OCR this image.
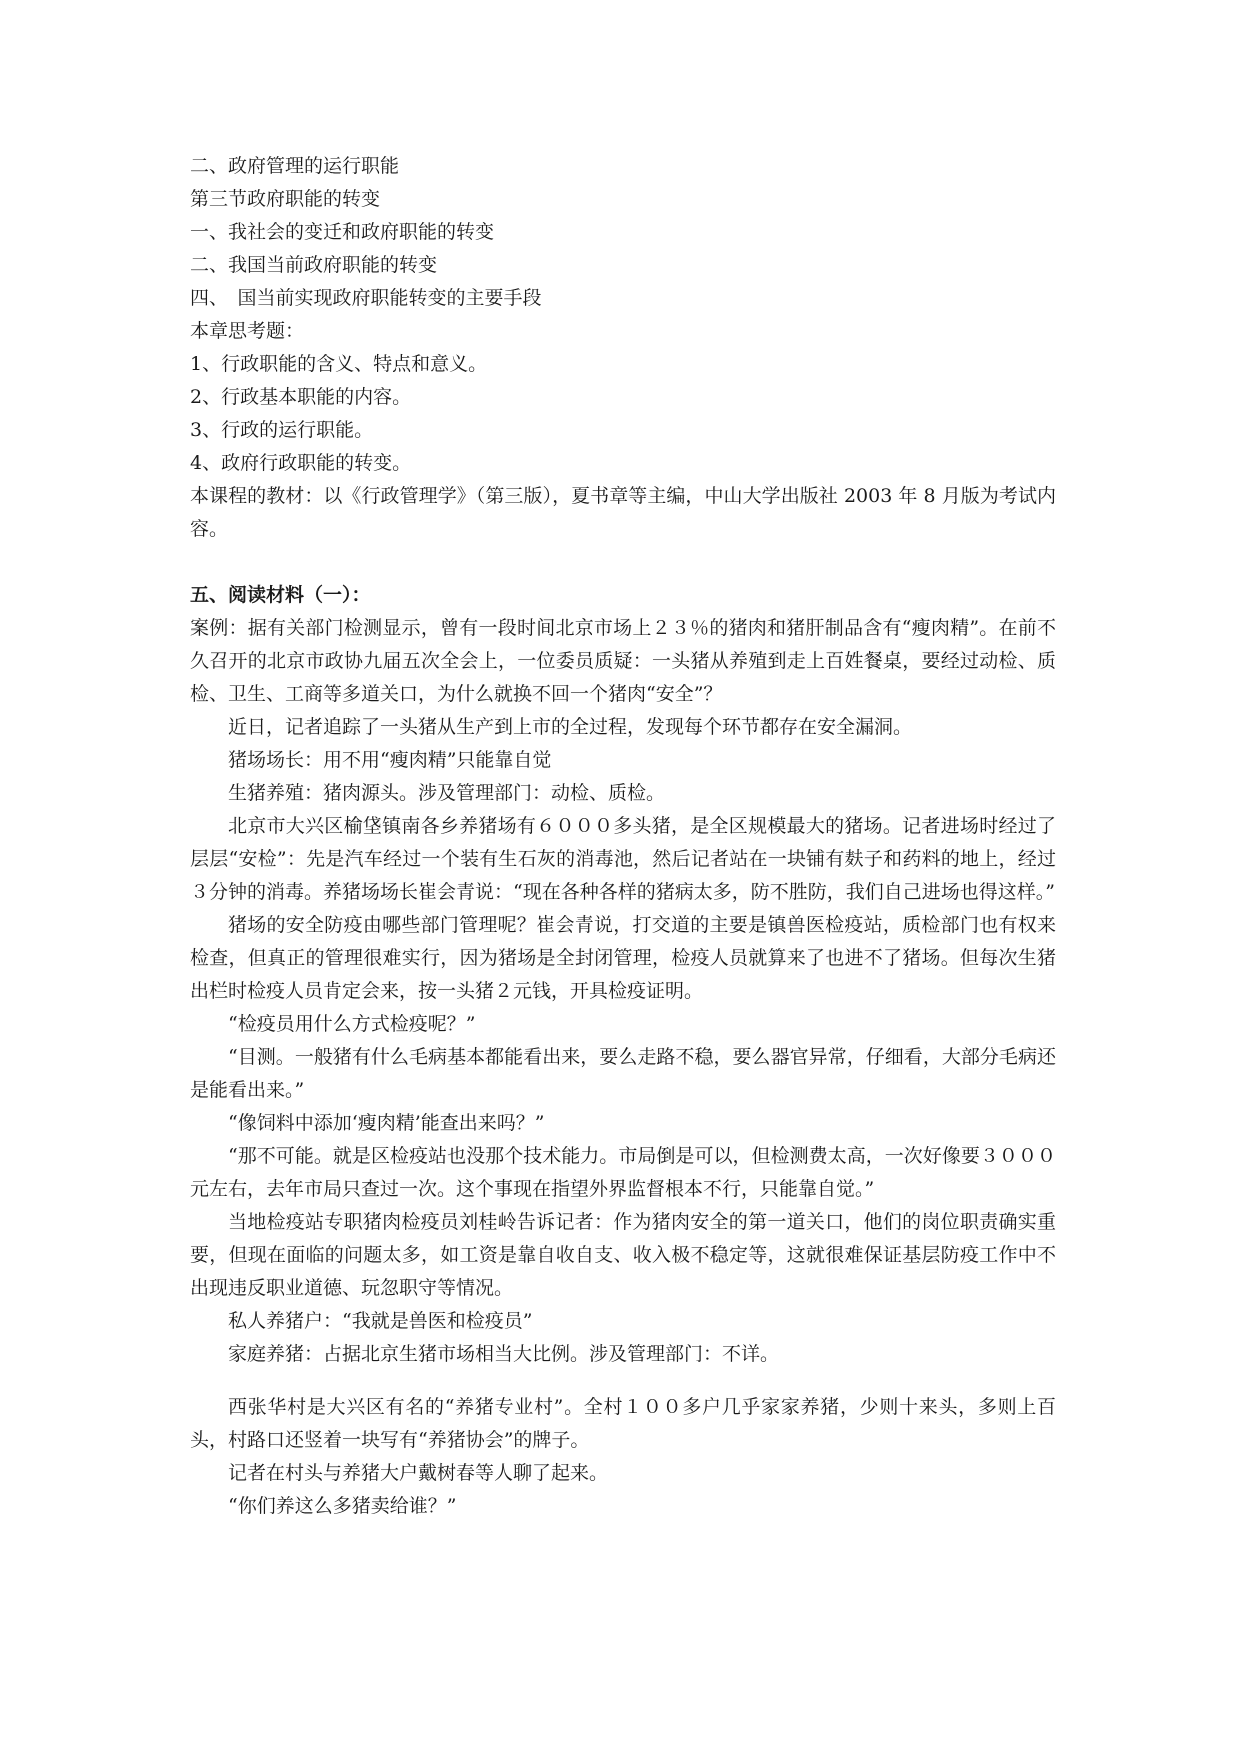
二、政府管理的运行职能

第三节政府职能的转变

一、我社会的变迁和政府职能的转变

二、我国当前政府职能的转变

四、　国当前实现政府职能转变的主要手段

本章思考题：

1、行政职能的含义、特点和意义。

2、行政基本职能的内容。

3、行政的运行职能。

4、政府行政职能的转变。

本课程的教材：以《行政管理学》（第三版），夏书章等主编，中山大学出版社 2003 年 8 月版为考试内容。

五、阅读材料（一）：

案例：据有关部门检测显示，曾有一段时间北京市场上２３％的猪肉和猪肝制品含有“瘦肉精”。在前不久召开的北京市政协九届五次全会上，一位委员质疑：一头猪从养殖到走上百姓餐桌，要经过动检、质检、卫生、工商等多道关口，为什么就换不回一个猪肉“安全”？

近日，记者追踪了一头猪从生产到上市的全过程，发现每个环节都存在安全漏洞。

猪场场长：用不用“瘦肉精”只能靠自觉

生猪养殖：猪肉源头。涉及管理部门：动检、质检。

北京市大兴区榆垡镇南各乡养猪场有６０００多头猪，是全区规模最大的猪场。记者进场时经过了层层“安检”：先是汽车经过一个装有生石灰的消毒池，然后记者站在一块铺有麸子和药料的地上，经过３分钟的消毒。养猪场场长崔会青说：“现在各种各样的猪病太多，防不胜防，我们自己进场也得这样。”

猪场的安全防疫由哪些部门管理呢？崔会青说，打交道的主要是镇兽医检疫站，质检部门也有权来检查，但真正的管理很难实行，因为猪场是全封闭管理，检疫人员就算来了也进不了猪场。但每次生猪出栏时检疫人员肯定会来，按一头猪２元钱，开具检疫证明。

“检疫员用什么方式检疫呢？”

“目测。一般猪有什么毛病基本都能看出来，要么走路不稳，要么器官异常，仔细看，大部分毛病还是能看出来。”

“像饲料中添加‘瘦肉精’能查出来吗？”

“那不可能。就是区检疫站也没那个技术能力。市局倒是可以，但检测费太高，一次好像要３０００元左右，去年市局只查过一次。这个事现在指望外界监督根本不行，只能靠自觉。”

当地检疫站专职猪肉检疫员刘桂岭告诉记者：作为猪肉安全的第一道关口，他们的岗位职责确实重要，但现在面临的问题太多，如工资是靠自收自支、收入极不稳定等，这就很难保证基层防疫工作中不出现违反职业道德、玩忽职守等情况。

私人养猪户：“我就是兽医和检疫员”

家庭养猪：占据北京生猪市场相当大比例。涉及管理部门：不详。

西张华村是大兴区有名的“养猪专业村”。全村１００多户几乎家家养猪，少则十来头，多则上百头，村路口还竖着一块写有“养猪协会”的牌子。

记者在村头与养猪大户戴树春等人聊了起来。

“你们养这么多猪卖给谁？”
